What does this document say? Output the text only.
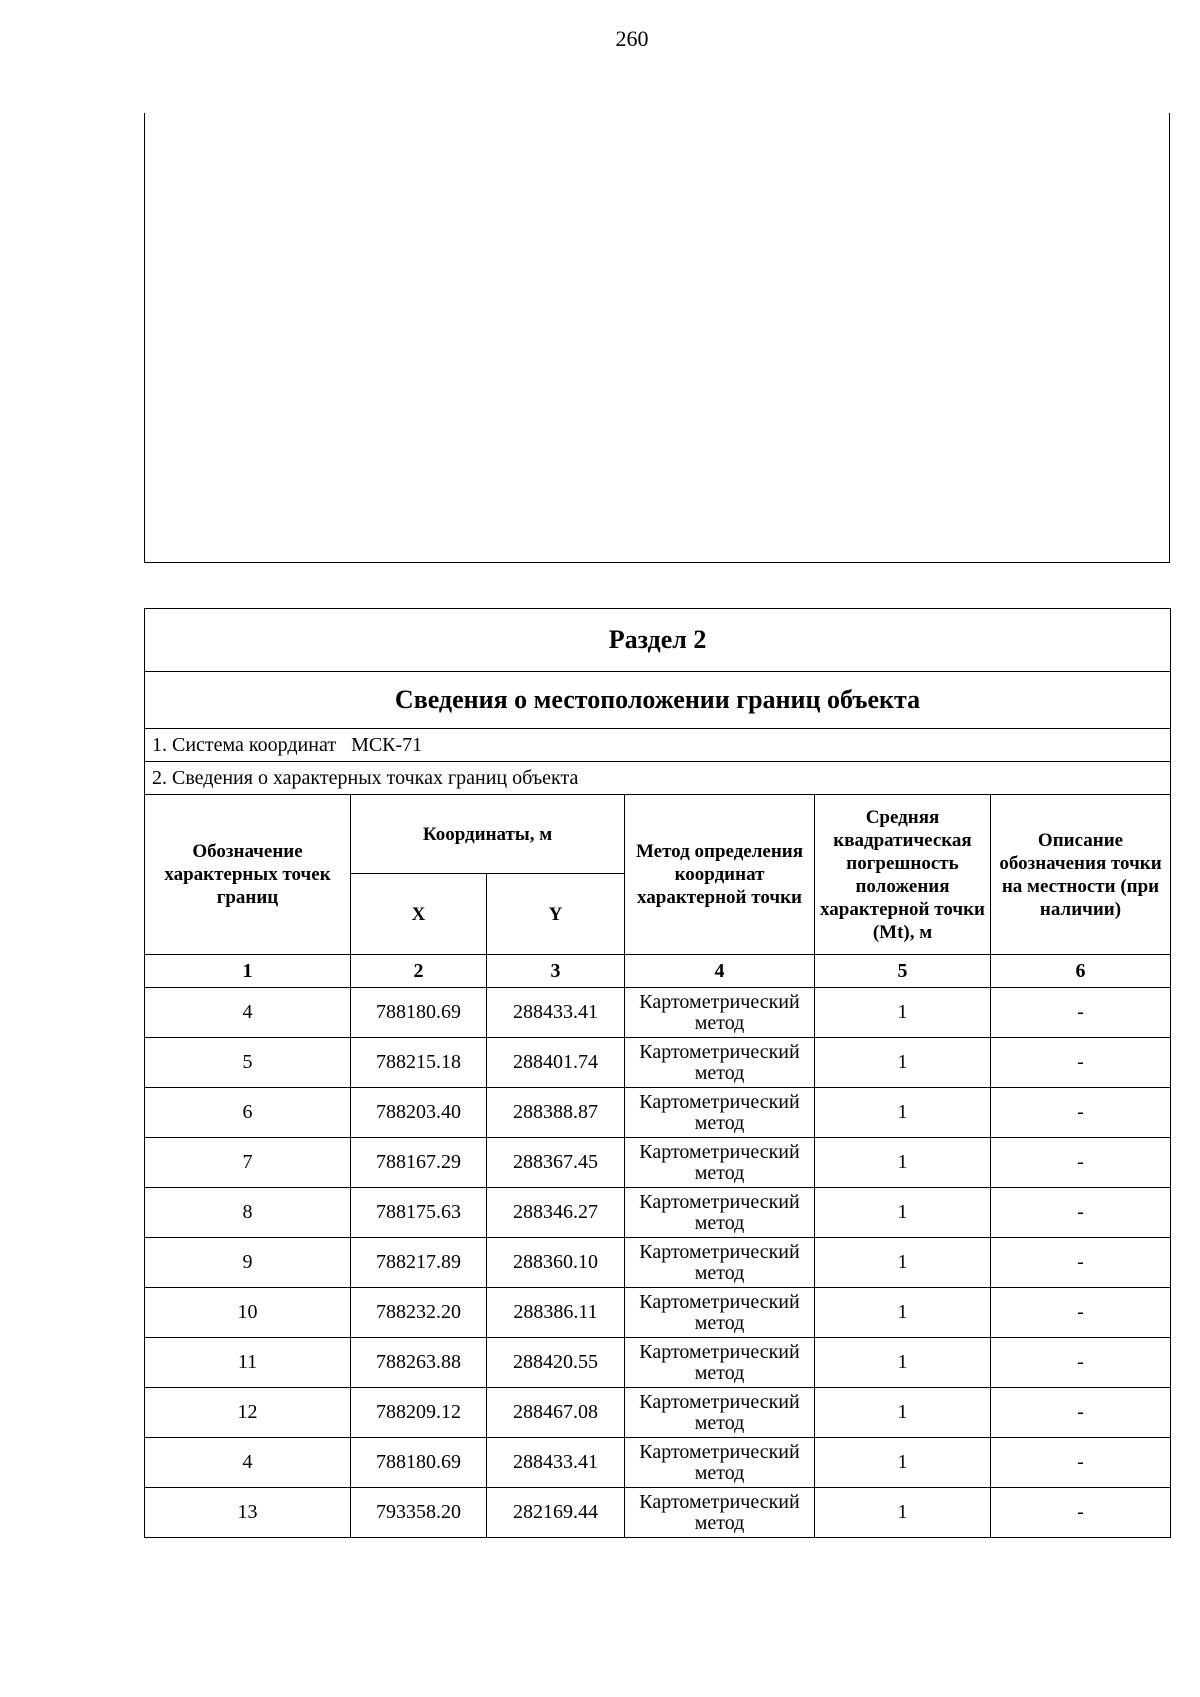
260
Раздел 2					
Сведения о местоположении границ объекта					
1. Система координат МСК-71					
2. Сведения о характерных точках границ объекта					
Обозначение характерных точек границ	Координаты, м		Метод определения координат характерной точки	Средняя квадратическая погрешность положения характерной точки (Mt), м	Описание обозначения точки на местности (при наличии)
	X	Y			
1	2	3	4	5	6
4	788180.69	288433.41	Картометрический метод	1	-
5	788215.18	288401.74	Картометрический метод	1	-
6	788203.40	288388.87	Картометрический метод	1	-
7	788167.29	288367.45	Картометрический метод	1	-
8	788175.63	288346.27	Картометрический метод	1	-
9	788217.89	288360.10	Картометрический метод	1	-
10	788232.20	288386.11	Картометрический метод	1	-
11	788263.88	288420.55	Картометрический метод	1	-
12	788209.12	288467.08	Картометрический метод	1	-
4	788180.69	288433.41	Картометрический метод	1	-
13	793358.20	282169.44	Картометрический метод	1	-
